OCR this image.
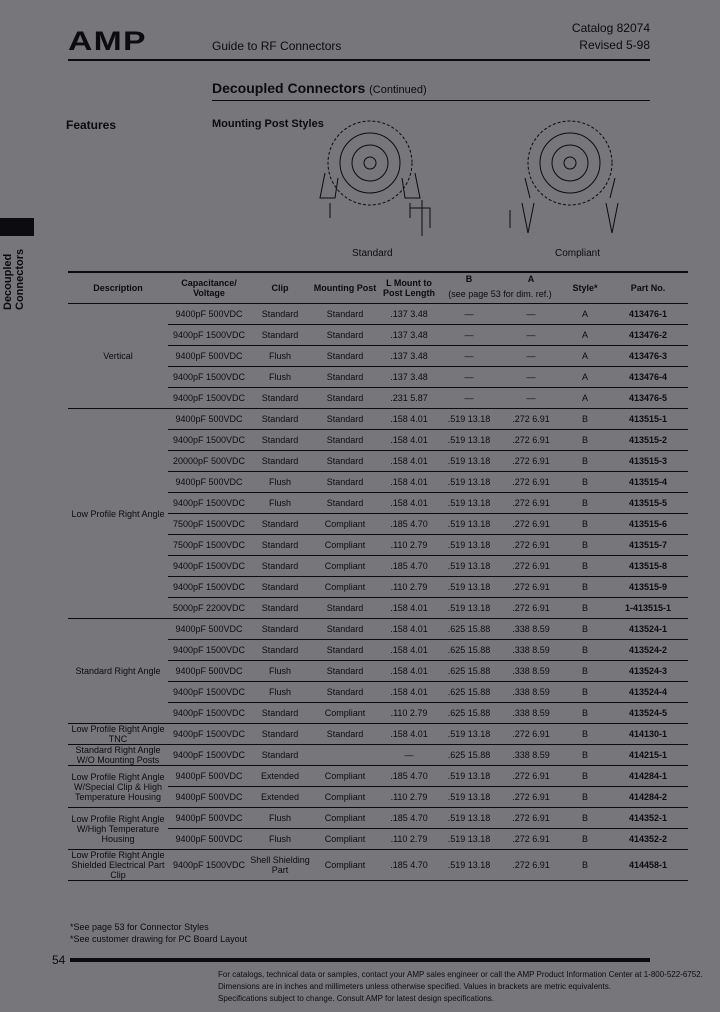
AMP	Guide to RF Connectors
Catalog 82074
Revised 5-98
Decoupled Connectors (Continued)
Features	Mounting Post Styles
Decoupled
Connectors	Standard	Compliant
Description	Capacitance/ Voltage	Clip	Mounting Post	L Mount to Post Length	B	A	Style*	Part No.
					(see page 53 for dim. ref.)			
Vertical	9400pF 500VDC	Standard	Standard	.137 3.48	—	—	A	413476-1
	9400pF 1500VDC	Standard	Standard	.137 3.48	—	—	A	413476-2
	9400pF 500VDC	Flush	Standard	.137 3.48	—	—	A	413476-3
	9400pF 1500VDC	Flush	Standard	.137 3.48	—	—	A	413476-4
	9400pF 1500VDC	Standard	Standard	.231 5.87	—	—	A	413476-5
Low Profile Right Angle	9400pF 500VDC	Standard	Standard	.158 4.01	.519 13.18	.272 6.91	B	413515-1
	9400pF 1500VDC	Standard	Standard	.158 4.01	.519 13.18	.272 6.91	B	413515-2
	20000pF 500VDC	Standard	Standard	.158 4.01	.519 13.18	.272 6.91	B	413515-3
	9400pF 500VDC	Flush	Standard	.158 4.01	.519 13.18	.272 6.91	B	413515-4
	9400pF 1500VDC	Flush	Standard	.158 4.01	.519 13.18	.272 6.91	B	413515-5
	7500pF 1500VDC	Standard	Compliant	.185 4.70	.519 13.18	.272 6.91	B	413515-6
	7500pF 1500VDC	Standard	Compliant	.110 2.79	.519 13.18	.272 6.91	B	413515-7
	9400pF 1500VDC	Standard	Compliant	.185 4.70	.519 13.18	.272 6.91	B	413515-8
	9400pF 1500VDC	Standard	Compliant	.110 2.79	.519 13.18	.272 6.91	B	413515-9
	5000pF 2200VDC	Standard	Standard	.158 4.01	.519 13.18	.272 6.91	B	1-413515-1
Standard Right Angle	9400pF 500VDC	Standard	Standard	.158 4.01	.625 15.88	.338 8.59	B	413524-1
	9400pF 1500VDC	Standard	Standard	.158 4.01	.625 15.88	.338 8.59	B	413524-2
	9400pF 500VDC	Flush	Standard	.158 4.01	.625 15.88	.338 8.59	B	413524-3
	9400pF 1500VDC	Flush	Standard	.158 4.01	.625 15.88	.338 8.59	B	413524-4
	9400pF 1500VDC	Standard	Compliant	.110 2.79	.625 15.88	.338 8.59	B	413524-5
Low Profile Right Angle TNC	9400pF 1500VDC	Standard	Standard	.158 4.01	.519 13.18	.272 6.91	B	414130-1
Standard Right Angle W/O Mounting Posts	9400pF 1500VDC	Standard		—	.625 15.88	.338 8.59	B	414215-1
Low Profile Right Angle W/Special Clip & High Temperature Housing	9400pF 500VDC	Extended	Compliant	.185 4.70	.519 13.18	.272 6.91	B	414284-1
	9400pF 500VDC	Extended	Compliant	.110 2.79	.519 13.18	.272 6.91	B	414284-2
Low Profile Right Angle W/High Temperature Housing	9400pF 500VDC	Flush	Compliant	.185 4.70	.519 13.18	.272 6.91	B	414352-1
	9400pF 500VDC	Flush	Compliant	.110 2.79	.519 13.18	.272 6.91	B	414352-2
Low Profile Right Angle Shielded Electrical Part Clip	9400pF 1500VDC	Shell Shielding Part	Compliant	.185 4.70	.519 13.18	.272 6.91	B	414458-1
*See page 53 for Connector Styles
*See customer drawing for PC Board Layout
54
For catalogs, technical data or samples, contact your AMP sales engineer or call the AMP Product Information Center at 1-800-522-6752.
Dimensions are in inches and millimeters unless otherwise specified. Values in brackets are metric equivalents.
Specifications subject to change. Consult AMP for latest design specifications.
